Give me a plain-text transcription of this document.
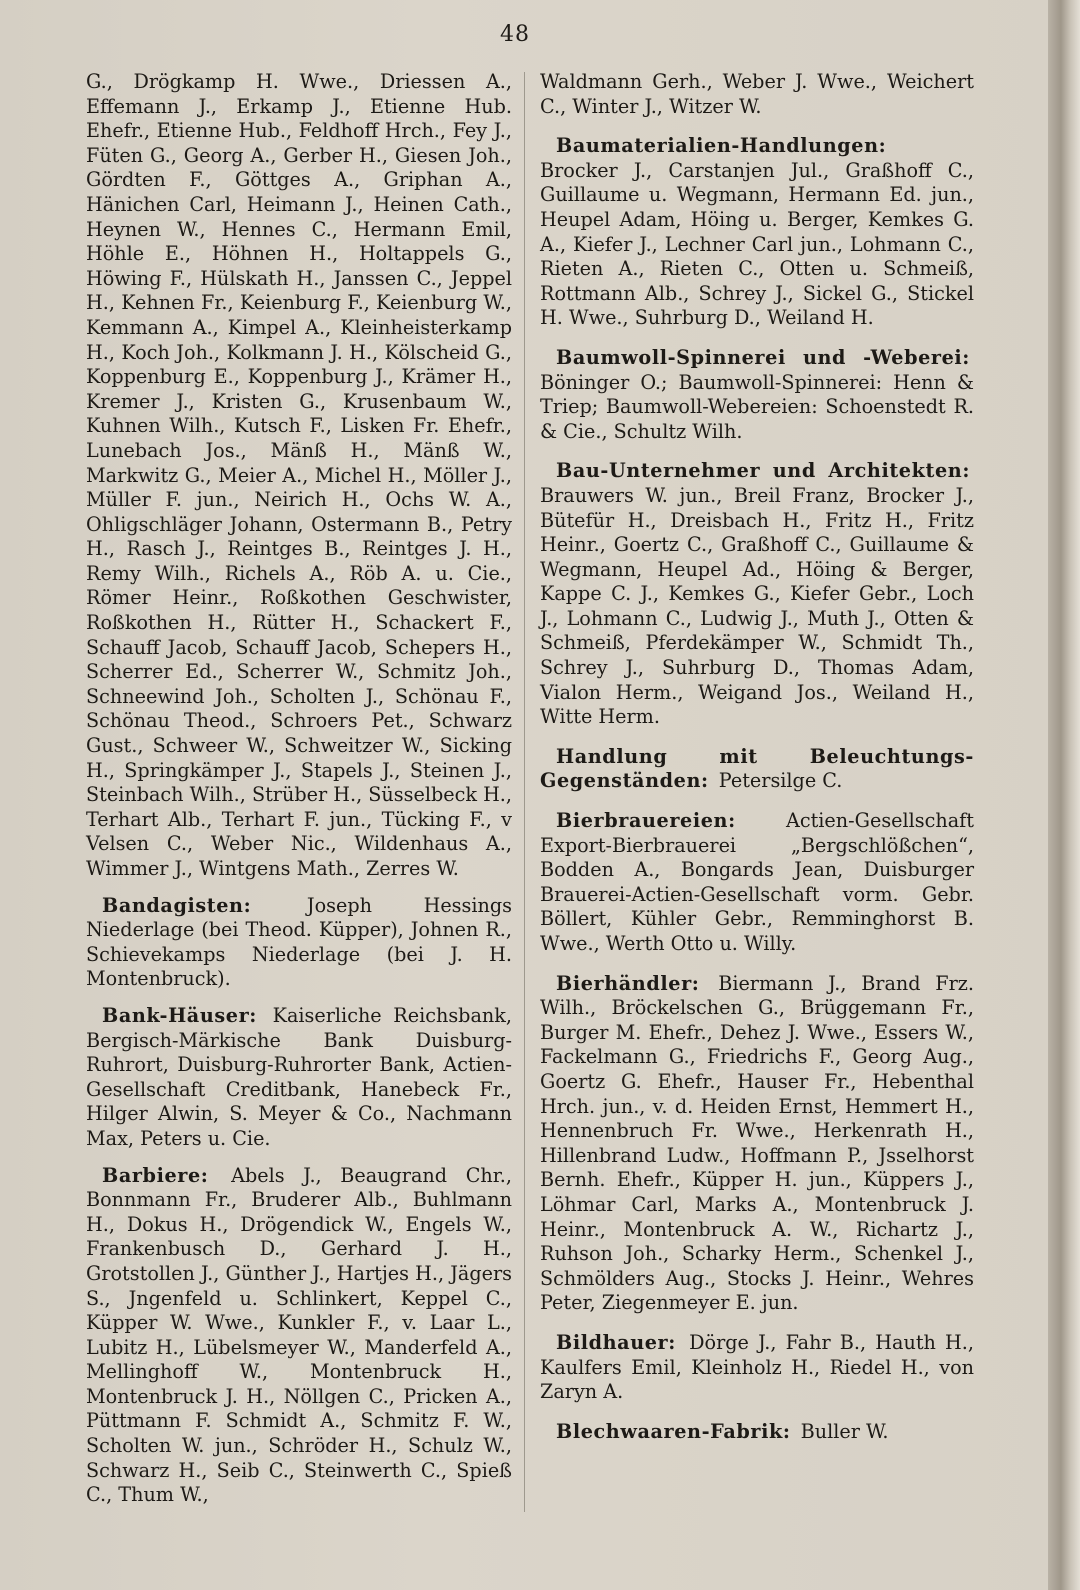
48

G., Drögkamp H. Wwe., Driessen A., Effemann J., Erkamp J., Etienne Hub. Ehefr., Etienne Hub., Feldhoff Hrch., Fey J., Füten G., Georg A., Gerber H., Giesen Joh., Gördten F., Göttges A., Griphan A., Hänichen Carl, Heimann J., Heinen Cath., Heynen W., Hennes C., Hermann Emil, Höhle E., Höhnen H., Holtappels G., Höwing F., Hülskath H., Janssen C., Jeppel H., Kehnen Fr., Keienburg F., Keienburg W., Kemmann A., Kimpel A., Kleinheisterkamp H., Koch Joh., Kolkmann J. H., Kölscheid G., Koppenburg E., Koppenburg J., Krämer H., Kremer J., Kristen G., Krusenbaum W., Kuhnen Wilh., Kutsch F., Lisken Fr. Ehefr., Lunebach Jos., Mänß H., Mänß W., Markwitz G., Meier A., Michel H., Möller J., Müller F. jun., Neirich H., Ochs W. A., Ohligschläger Johann, Ostermann B., Petry H., Rasch J., Reintges B., Reintges J. H., Remy Wilh., Richels A., Röb A. u. Cie., Römer Heinr., Roßkothen Geschwister, Roßkothen H., Rütter H., Schackert F., Schauff Jacob, Schauff Jacob, Schepers H., Scherrer Ed., Scherrer W., Schmitz Joh., Schneewind Joh., Scholten J., Schönau F., Schönau Theod., Schroers Pet., Schwarz Gust., Schweer W., Schweitzer W., Sicking H., Springkämper J., Stapels J., Steinen J., Steinbach Wilh., Strüber H., Süsselbeck H., Terhart Alb., Terhart F. jun., Tücking F., v Velsen C., Weber Nic., Wildenhaus A., Wimmer J., Wintgens Math., Zerres W.

Bandagisten:	Joseph Hessings Niederlage (bei Theod. Küpper), Johnen R., Schievekamps Niederlage (bei J. H. Montenbruck).

Bank-Häuser: Kaiserliche Reichsbank, Bergisch-Märkische Bank Duisburg-Ruhrort, Duisburg-Ruhrorter Bank, Actien-Gesellschaft Creditbank, Hanebeck Fr., Hilger Alwin, S. Meyer & Co., Nachmann Max, Peters u. Cie.

Barbiere: Abels J., Beaugrand Chr., Bonnmann Fr., Bruderer Alb., Buhlmann H., Dokus H., Drögendick W., Engels W., Frankenbusch D., Gerhard J. H., Grotstollen J., Günther J., Hartjes H., Jägers S., Jngenfeld u. Schlinkert, Keppel C., Küpper W. Wwe., Kunkler F., v. Laar L., Lubitz H., Lübelsmeyer W., Manderfeld A., Mellinghoff W., Montenbruck H., Montenbruck J. H., Nöllgen C., Pricken A., Püttmann F. Schmidt A., Schmitz F. W., Scholten W. jun., Schröder H., Schulz W., Schwarz H., Seib C., Steinwerth C., Spieß C., Thum W.,

Waldmann Gerh., Weber J. Wwe., Weichert C., Winter J., Witzer W.

Baumaterialien-Handlungen: Brocker J., Carstanjen Jul., Graßhoff C., Guillaume u. Wegmann, Hermann Ed. jun., Heupel Adam, Höing u. Berger, Kemkes G. A., Kiefer J., Lechner Carl jun., Lohmann C., Rieten A., Rieten C., Otten u. Schmeiß, Rottmann Alb., Schrey J., Sickel G., Stickel H. Wwe., Suhrburg D., Weiland H.

Baumwoll-Spinnerei und -Weberei: Böninger O.; Baumwoll-Spinnerei: Henn & Triep; Baumwoll-Webereien: Schoenstedt R. & Cie., Schultz Wilh.

Bau-Unternehmer und Architekten: Brauwers W. jun., Breil Franz, Brocker J., Bütefür H., Dreisbach H., Fritz H., Fritz Heinr., Goertz C., Graßhoff C., Guillaume & Wegmann, Heupel Ad., Höing & Berger, Kappe C. J., Kemkes G., Kiefer Gebr., Loch J., Lohmann C., Ludwig J., Muth J., Otten & Schmeiß, Pferdekämper W., Schmidt Th., Schrey J., Suhrburg D., Thomas Adam, Vialon Herm., Weigand Jos., Weiland H., Witte Herm.

Handlung mit Beleuchtungs-Gegenständen: Petersilge C.

Bierbrauereien:	Actien-Gesellschaft Export-Bierbrauerei „Bergschlößchen“, Bodden A., Bongards Jean, Duisburger Brauerei-Actien-Gesellschaft vorm. Gebr. Böllert, Kühler Gebr., Remminghorst B. Wwe., Werth Otto u. Willy.

Bierhändler: Biermann J., Brand Frz. Wilh., Bröckelschen G., Brüggemann Fr., Burger M. Ehefr., Dehez J. Wwe., Essers W., Fackelmann G., Friedrichs F., Georg Aug., Goertz G. Ehefr., Hauser Fr., Hebenthal Hrch. jun., v. d. Heiden Ernst, Hemmert H., Hennenbruch Fr. Wwe., Herkenrath H., Hillenbrand Ludw., Hoffmann P., Jsselhorst Bernh. Ehefr., Küpper H. jun., Küppers J., Löhmar Carl, Marks A., Montenbruck J. Heinr., Montenbruck A. W., Richartz J., Ruhson Joh., Scharky Herm., Schenkel J., Schmölders Aug., Stocks J. Heinr., Wehres Peter, Ziegenmeyer E. jun.

Bildhauer: Dörge J., Fahr B., Hauth H., Kaulfers Emil, Kleinholz H., Riedel H., von Zaryn A.

Blechwaaren-Fabrik: Buller W.
